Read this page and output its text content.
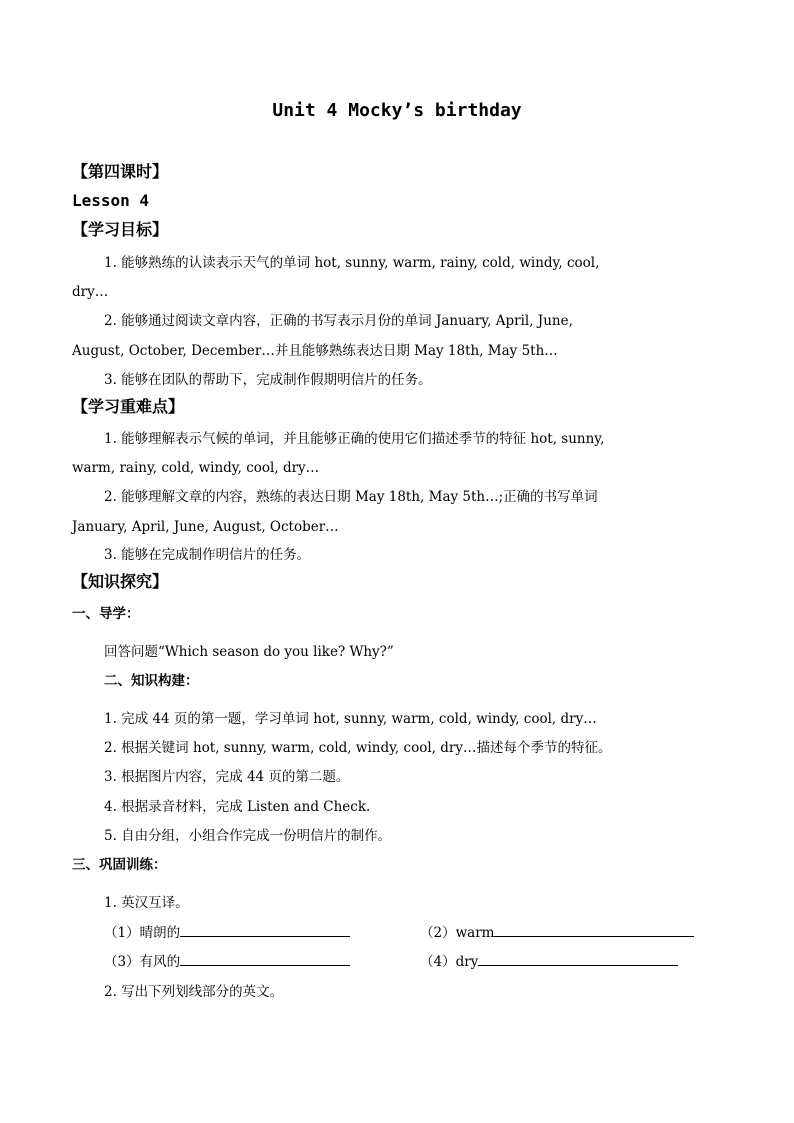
Unit 4 Mocky’s birthday
【第四课时】
Lesson 4
【学习目标】
1. 能够熟练的认读表示天气的单词 hot, sunny, warm, rainy, cold, windy, cool,
dry…
2. 能够通过阅读文章内容，正确的书写表示月份的单词 January, April, June,
August, October, December…并且能够熟练表达日期 May 18th, May 5th…
3. 能够在团队的帮助下，完成制作假期明信片的任务。
【学习重难点】
1. 能够理解表示气候的单词，并且能够正确的使用它们描述季节的特征 hot, sunny,
warm, rainy, cold, windy, cool, dry…
2. 能够理解文章的内容，熟练的表达日期 May 18th, May 5th…;正确的书写单词
January, April, June, August, October…
3. 能够在完成制作明信片的任务。
【知识探究】
一、导学：
回答问题“Which season do you like? Why?”
二、知识构建：
1. 完成 44 页的第一题，学习单词 hot, sunny, warm, cold, windy, cool, dry…
2. 根据关键词 hot, sunny, warm, cold, windy, cool, dry…描述每个季节的特征。
3. 根据图片内容，完成 44 页的第二题。
4. 根据录音材料，完成 Listen and Check.
5. 自由分组，小组合作完成一份明信片的制作。
三、巩固训练：
1. 英汉互译。
（1）晴朗的	（2）warm
（3）有风的	（4）dry
2. 写出下列划线部分的英文。
